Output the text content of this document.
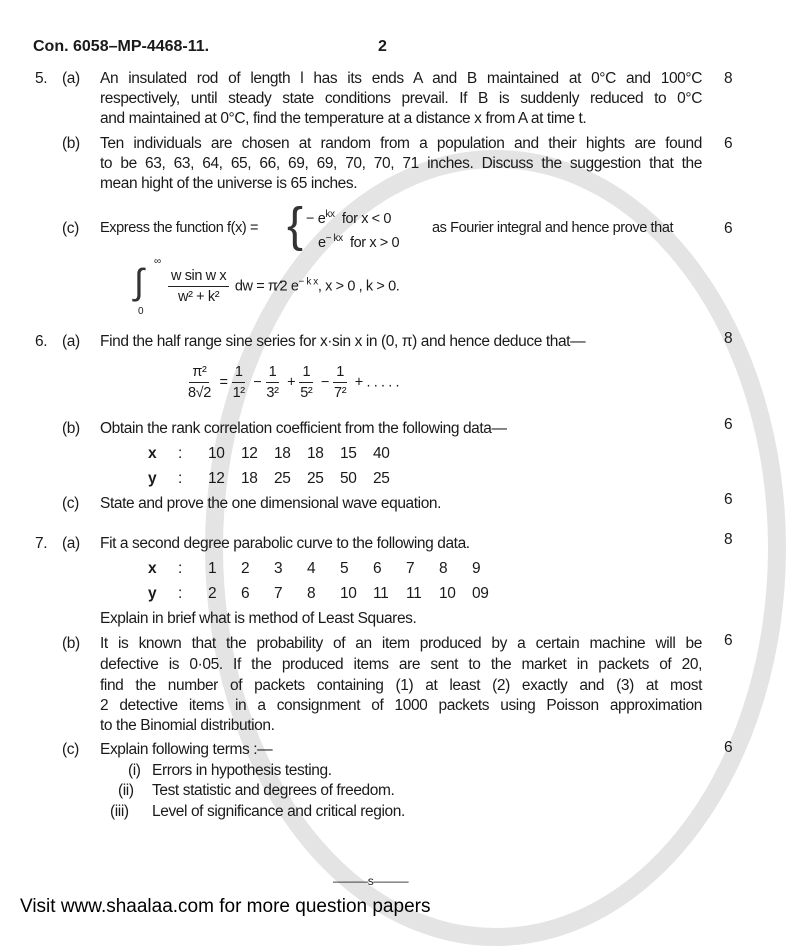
Con. 6058–MP-4468-11.	2
5. (a) An insulated rod of length l has its ends A and B maintained at 0°C and 100°C
respectively, until steady state conditions prevail. If B is suddenly reduced to 0°C
and maintained at 0°C, find the temperature at a distance x from A at time t.
8
(b) Ten individuals are chosen at random from a population and their hights are found
to be 63, 63, 64, 65, 66, 69, 69, 70, 70, 71 inches. Discuss the suggestion that the
mean hight of the universe is 65 inches.
6
(c) Express the function f(x) = { − $e^{kx}$ for x < 0
$e^{- kx}$ for x > 0
as Fourier integral and hence prove that	6
∫ ∞
0
$\frac{\text{w sin w x}}{\text{w² + k²}}$ dw = π⁄2 $e^{- k x}$, x > 0 , k > 0.
6. (a) Find the half range sine series for x·sin x in (0, π) and hence deduce that—	8
$\frac{\text{π²}}{8√2} = \frac{1}{\text{1²}} - \frac{1}{\text{3²}} + \frac{1}{\text{5²}} - \frac{1}{\text{7²}}$ + . . . . .
(b) Obtain the rank correlation coefficient from the following data—	6
x	:	10	12	18	18	15	40
y	:	12	18	25	25	50	25
(c) State and prove the one dimensional wave equation.	6
7. (a) Fit a second degree parabolic curve to the following data.	8
x	:	1	2	3	4	5	6	7	8	9
y	:	2	6	7	8	10	11	11	10	09
Explain in brief what is method of Least Squares.
(b) It is known that the probability of an item produced by a certain machine will be
defective is 0·05. If the produced items are sent to the market in packets of 20,
find the number of packets containing (1) at least (2) exactly and (3) at most
2 detective items in a consignment of 1000 packets using Poisson approximation
to the Binomial distribution.
6
(c) Explain following terms :—	6
(i) Errors in hypothesis testing.
(ii) Test statistic and degrees of freedom.
(iii) Level of significance and critical region.
———s———
Visit www.shaalaa.com for more question papers
